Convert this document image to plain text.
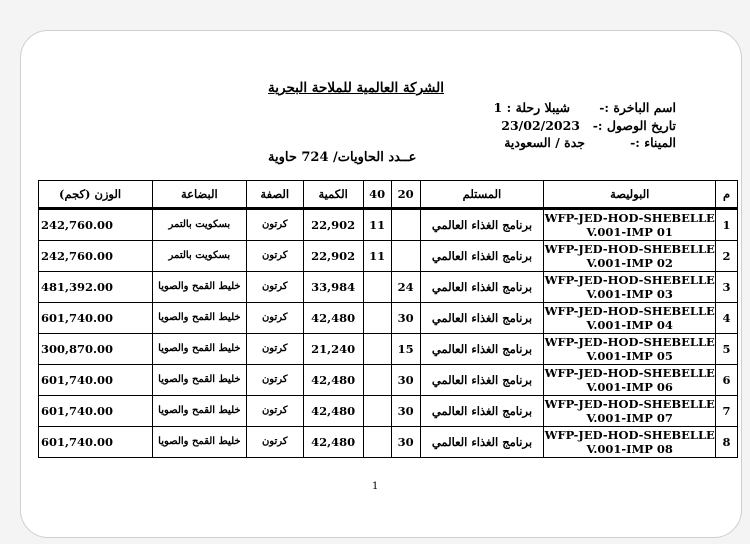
الشركة العالمية للملاحة البحرية
اسم الباخرة :-
شيبلا رحلة : 1
تاريخ الوصول :-
23/02/2023
الميناء :-
جدة / السعودية
عــدد الحاويات/ 724 حاوية
م	البوليصة	المستلم	20	40	الكمية	الصفة	البضاعة	الوزن (كجم)
1	WFP-JED-HOD-SHEBELLE
V.001-IMP 01	برنامج الغذاء العالمي		11	22,902	كرتون	بسكويت بالتمر	242,760.00
2	WFP-JED-HOD-SHEBELLE
V.001-IMP 02	برنامج الغذاء العالمي		11	22,902	كرتون	بسكويت بالتمر	242,760.00
3	WFP-JED-HOD-SHEBELLE
V.001-IMP 03	برنامج الغذاء العالمي	24		33,984	كرتون	خليط القمح والصويا	481,392.00
4	WFP-JED-HOD-SHEBELLE
V.001-IMP 04	برنامج الغذاء العالمي	30		42,480	كرتون	خليط القمح والصويا	601,740.00
5	WFP-JED-HOD-SHEBELLE
V.001-IMP 05	برنامج الغذاء العالمي	15		21,240	كرتون	خليط القمح والصويا	300,870.00
6	WFP-JED-HOD-SHEBELLE
V.001-IMP 06	برنامج الغذاء العالمي	30		42,480	كرتون	خليط القمح والصويا	601,740.00
7	WFP-JED-HOD-SHEBELLE
V.001-IMP 07	برنامج الغذاء العالمي	30		42,480	كرتون	خليط القمح والصويا	601,740.00
8	WFP-JED-HOD-SHEBELLE
V.001-IMP 08	برنامج الغذاء العالمي	30		42,480	كرتون	خليط القمح والصويا	601,740.00
1
